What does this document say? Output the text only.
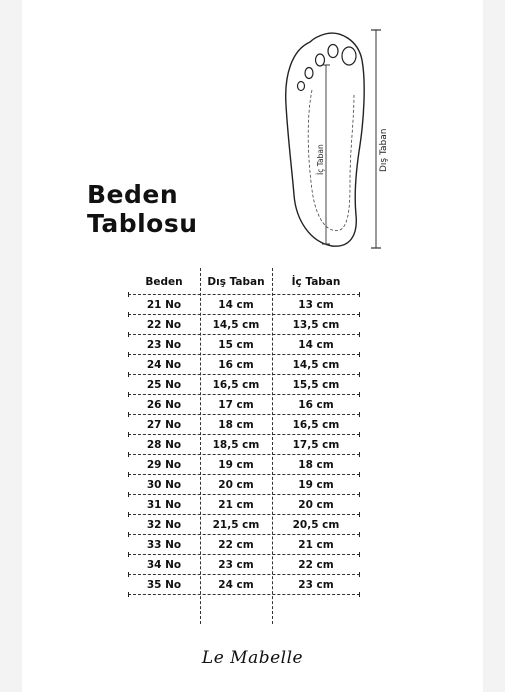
İç Taban	Dış Taban
Beden
Tablosu
Beden	Dış Taban	İç Taban
21 No	14 cm	13 cm
22 No	14,5 cm	13,5 cm
23 No	15 cm	14 cm
24 No	16 cm	14,5 cm
25 No	16,5 cm	15,5 cm
26 No	17 cm	16 cm
27 No	18 cm	16,5 cm
28 No	18,5 cm	17,5 cm
29 No	19 cm	18 cm
30 No	20 cm	19 cm
31 No	21 cm	20 cm
32 No	21,5 cm	20,5 cm
33 No	22 cm	21 cm
34 No	23 cm	22 cm
35 No	24 cm	23 cm
Le Mabelle
